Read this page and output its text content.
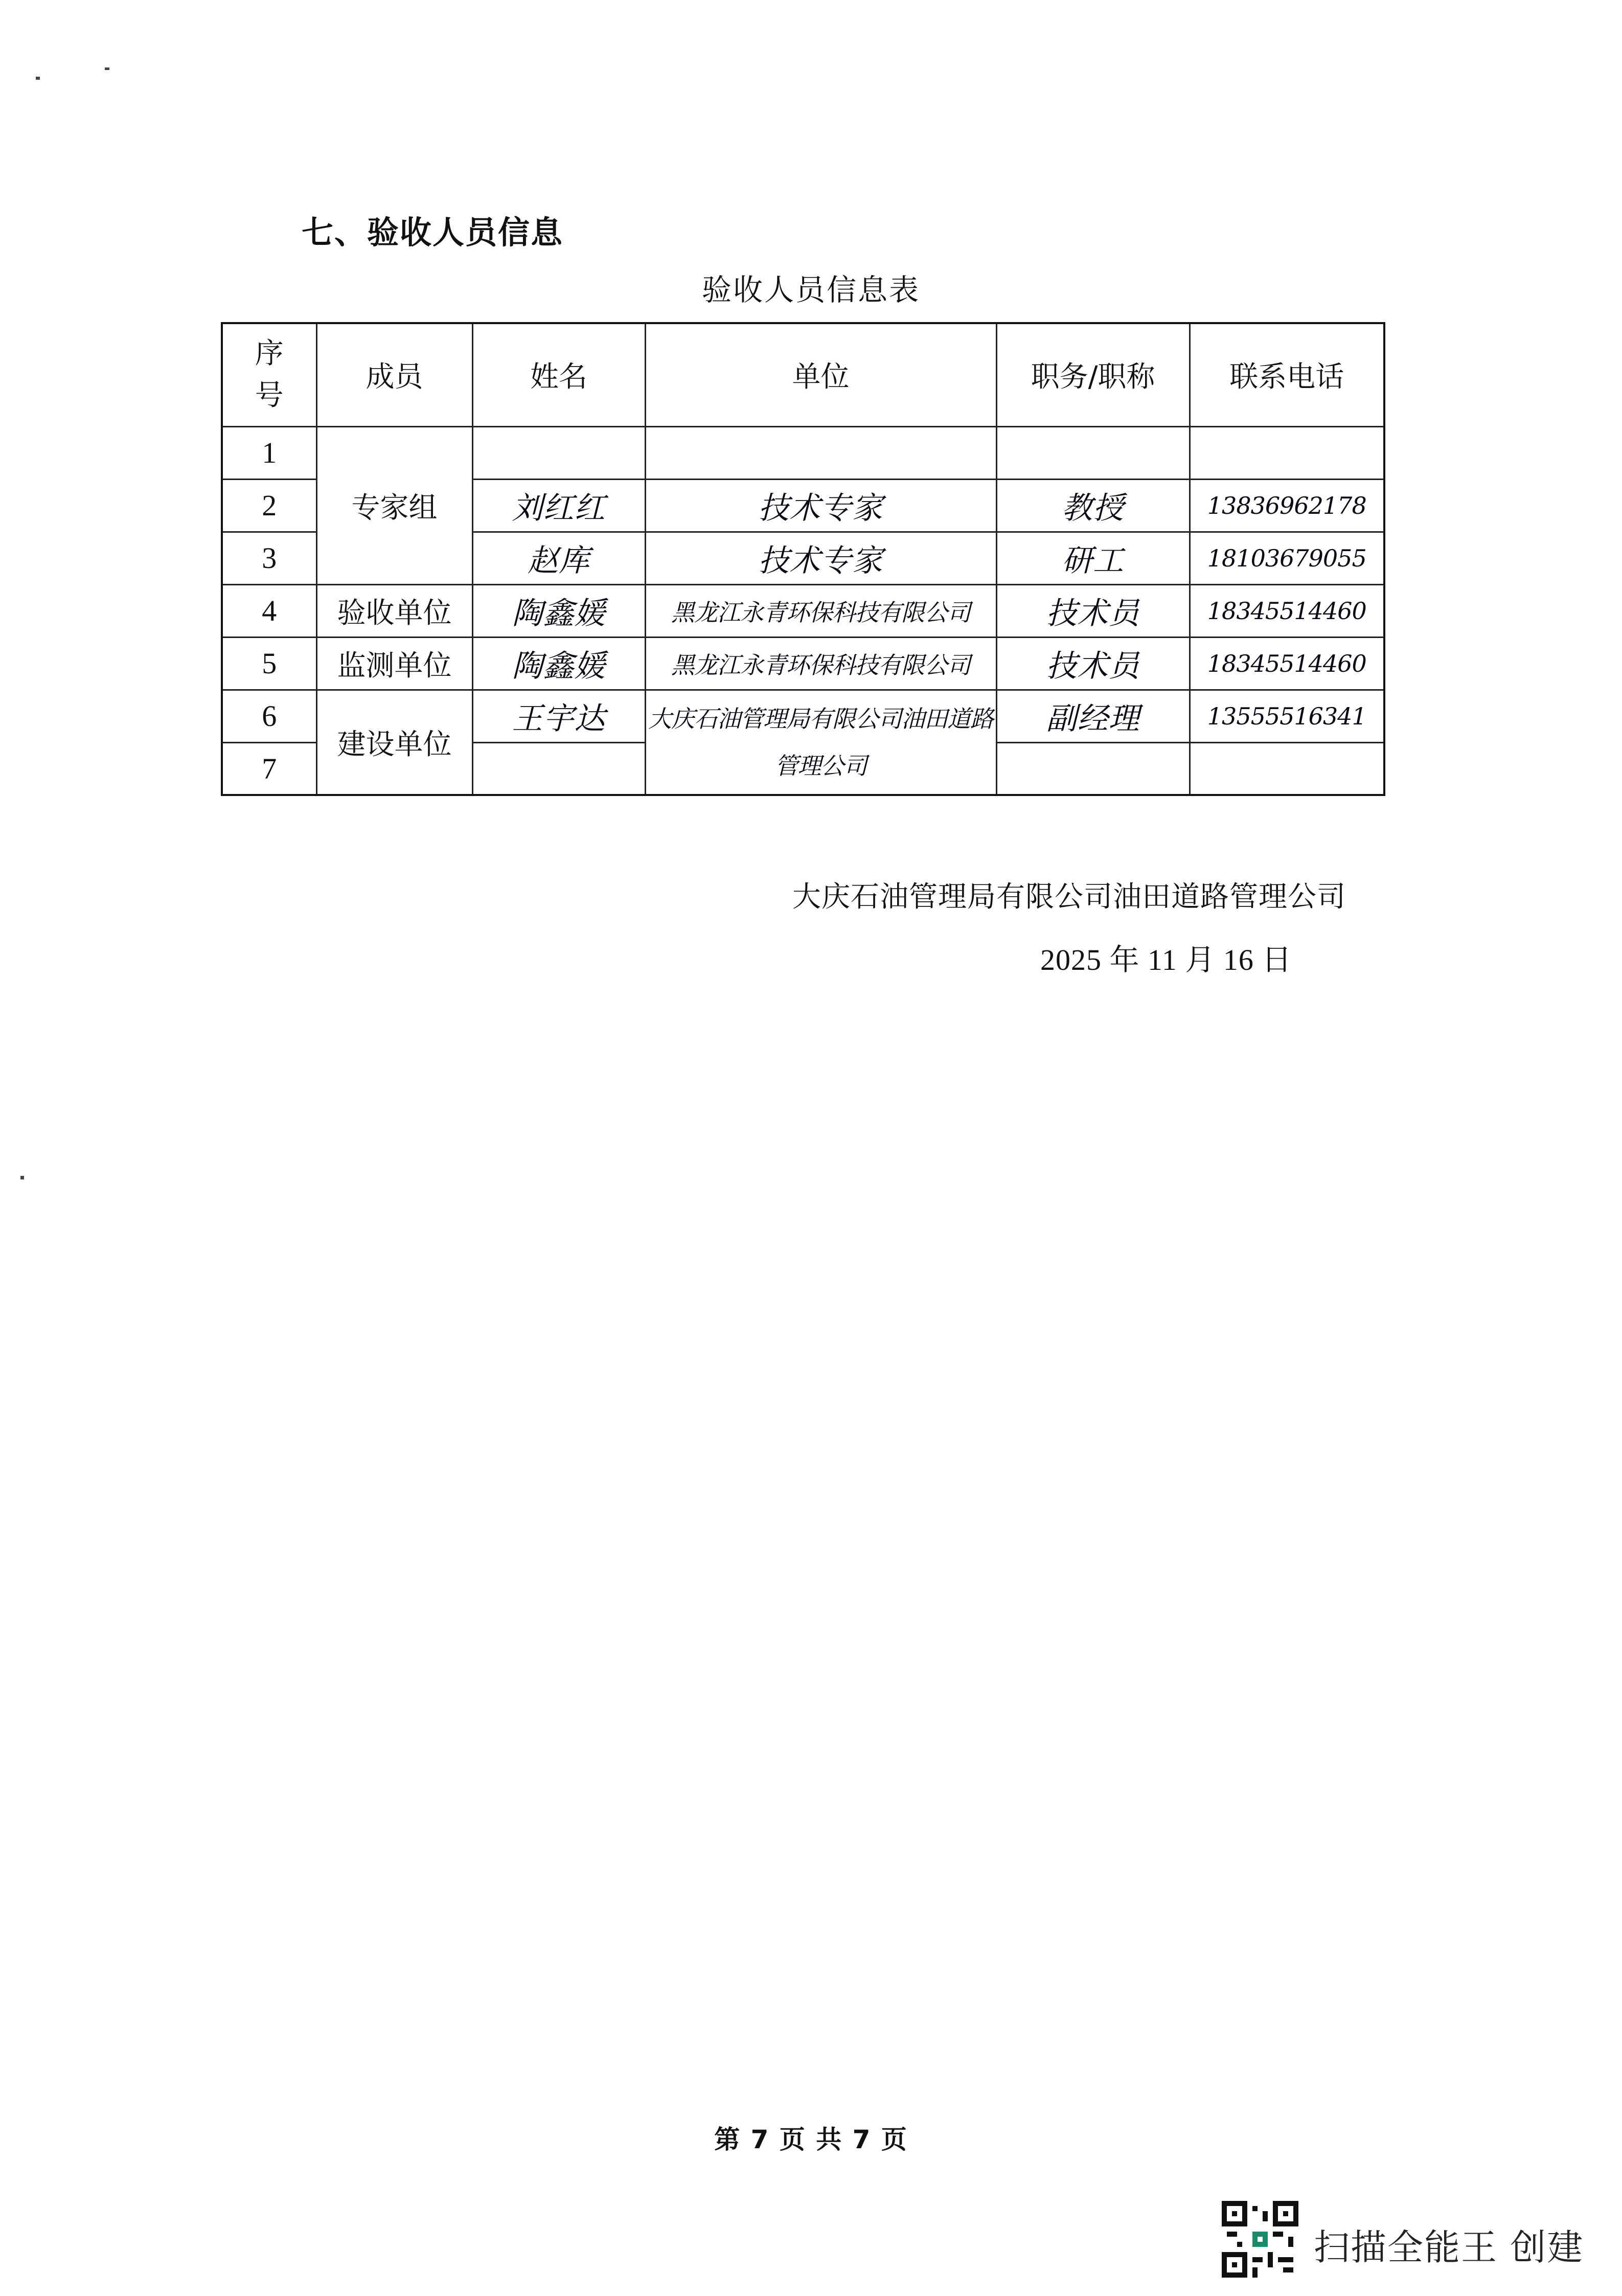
七、验收人员信息
验收人员信息表
序号	成员	姓名	单位	职务/职称	联系电话
1	专家组				
2		刘红红	技术专家	教授	13836962178
3		赵库	技术专家	研工	18103679055
4	验收单位	陶鑫媛	黑龙江永青环保科技有限公司	技术员	18345514460
5	监测单位	陶鑫媛	黑龙江永青环保科技有限公司	技术员	18345514460
6	建设单位	王宇达	大庆石油管理局有限公司油田道路管理公司	副经理	13555516341
7					
大庆石油管理局有限公司油田道路管理公司
2025 年 11 月 16 日
第 7 页 共 7 页
扫描全能王 创建
